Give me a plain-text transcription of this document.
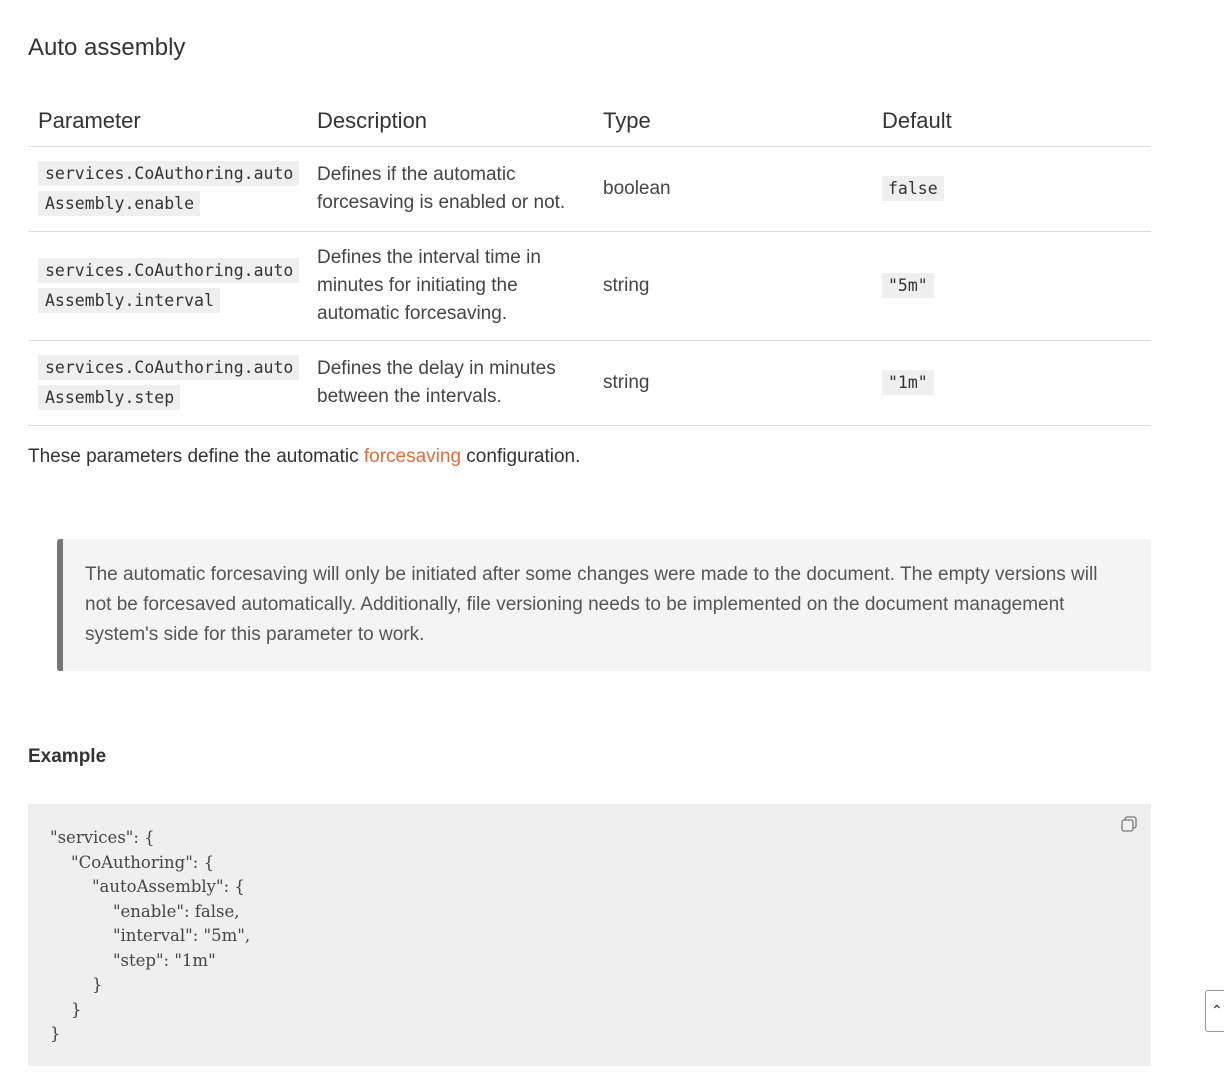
Auto assembly
Parameter	Description	Type	Default
services.CoAuthoring.autoAssembly.enable	Defines if the automatic forcesaving is enabled or not.	boolean	false
services.CoAuthoring.autoAssembly.interval	Defines the interval time in minutes for initiating the automatic forcesaving.	string	"5m"
services.CoAuthoring.autoAssembly.step	Defines the delay in minutes between the intervals.	string	"1m"

These parameters define the automatic forcesaving configuration.

The automatic forcesaving will only be initiated after some changes were made to the document. The empty versions will not be forcesaved automatically. Additionally, file versioning needs to be implemented on the document management system's side for this parameter to work.
Example
"services": {
"CoAuthoring": {
"autoAssembly": {
"enable": false,
"interval": "5m",
"step": "1m"
}
}
}
⌃
